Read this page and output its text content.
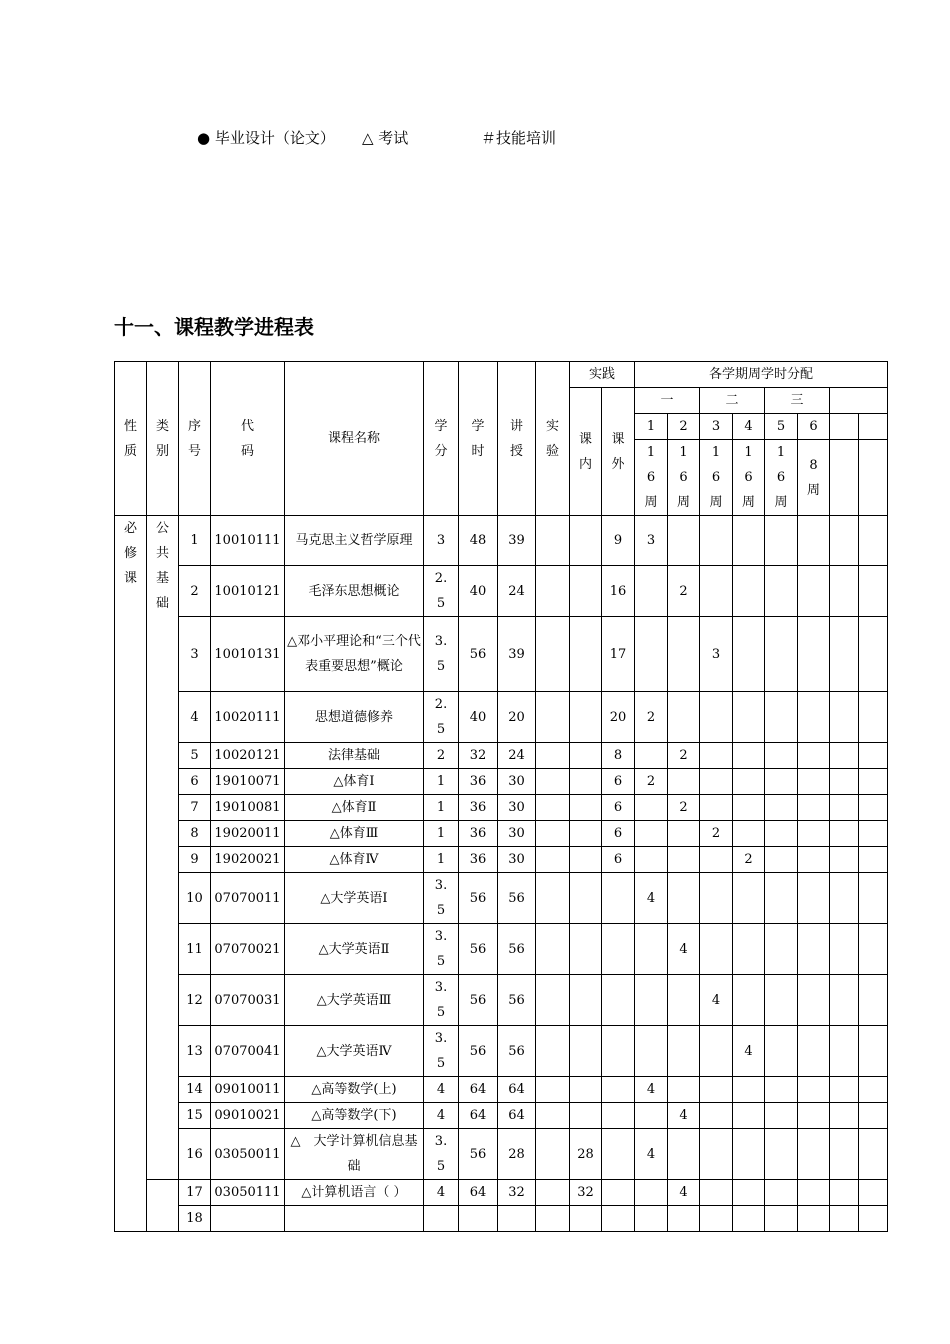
● 毕业设计（论文） △ 考试	＃技能培训
十一、课程教学进程表
性质	类别	序号	代码	课程名称	学分	学时	讲授	实验	实践		各学期周学时分配							
									课内	课外	一		二		三			
											1	2	3	4	5	6		
											16周	16周	16周	16周	16周	8周		
必修课	公共基础	1	10010111	马克思主义哲学原理	3	48	39			9	3							
		2	10010121	毛泽东思想概论	2.5	40	24			16		2						
		3	10010131	△邓小平理论和“三个代表重要思想”概论	3.5	56	39			17			3					
		4	10020111	思想道德修养	2.5	40	20			20	2							
		5	10020121	法律基础	2	32	24			8		2						
		6	19010071	△体育Ⅰ	1	36	30			6	2							
		7	19010081	△体育Ⅱ	1	36	30			6		2						
		8	19020011	△体育Ⅲ	1	36	30			6			2					
		9	19020021	△体育Ⅳ	1	36	30			6				2				
		10	07070011	△大学英语Ⅰ	3.5	56	56				4							
		11	07070021	△大学英语Ⅱ	3.5	56	56					4						
		12	07070031	△大学英语Ⅲ	3.5	56	56						4					
		13	07070041	△大学英语Ⅳ	3.5	56	56							4				
		14	09010011	△高等数学(上)	4	64	64				4							
		15	09010021	△高等数学(下)	4	64	64					4						
		16	03050011	△　大学计算机信息基础	3.5	56	28		28		4							
		17	03050111	△计算机语言（ ）	4	64	32		32			4						
		18																
